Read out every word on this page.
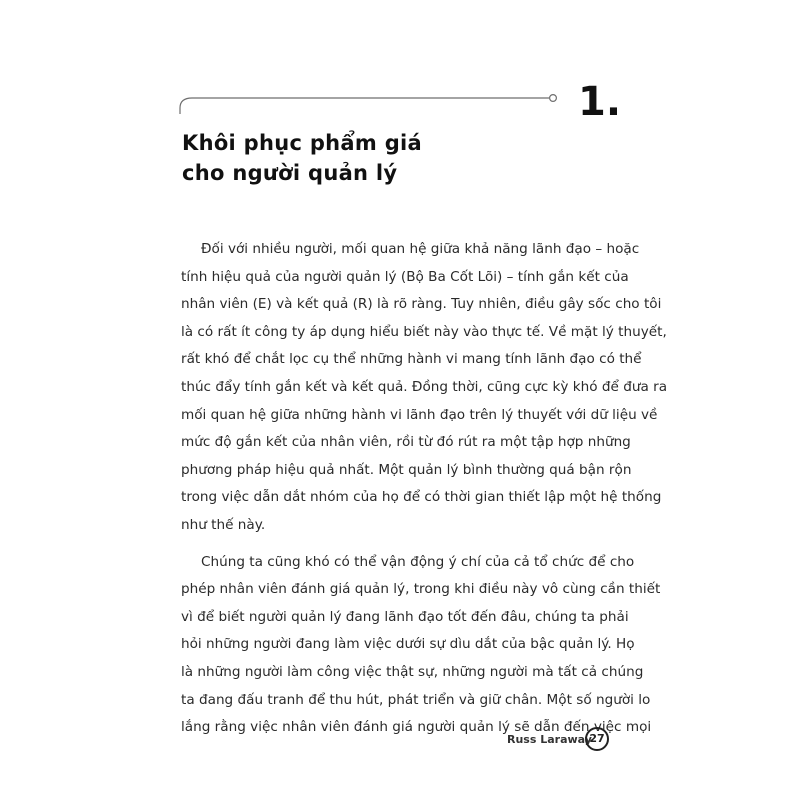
1.
Khôi phục phẩm giá
cho người quản lý
Đối với nhiều người, mối quan hệ giữa khả năng lãnh đạo – hoặc
tính hiệu quả của người quản lý (Bộ Ba Cốt Lõi) – tính gắn kết của
nhân viên (E) và kết quả (R) là rõ ràng. Tuy nhiên, điều gây sốc cho tôi
là có rất ít công ty áp dụng hiểu biết này vào thực tế. Về mặt lý thuyết,
rất khó để chắt lọc cụ thể những hành vi mang tính lãnh đạo có thể
thúc đẩy tính gắn kết và kết quả. Đồng thời, cũng cực kỳ khó để đưa ra
mối quan hệ giữa những hành vi lãnh đạo trên lý thuyết với dữ liệu về
mức độ gắn kết của nhân viên, rồi từ đó rút ra một tập hợp những
phương pháp hiệu quả nhất. Một quản lý bình thường quá bận rộn
trong việc dẫn dắt nhóm của họ để có thời gian thiết lập một hệ thống
như thế này.
Chúng ta cũng khó có thể vận động ý chí của cả tổ chức để cho
phép nhân viên đánh giá quản lý, trong khi điều này vô cùng cần thiết
vì để biết người quản lý đang lãnh đạo tốt đến đâu, chúng ta phải
hỏi những người đang làm việc dưới sự dìu dắt của bậc quản lý. Họ
là những người làm công việc thật sự, những người mà tất cả chúng
ta đang đấu tranh để thu hút, phát triển và giữ chân. Một số người lo
lắng rằng việc nhân viên đánh giá người quản lý sẽ dẫn đến việc mọi
Russ Laraway
27
